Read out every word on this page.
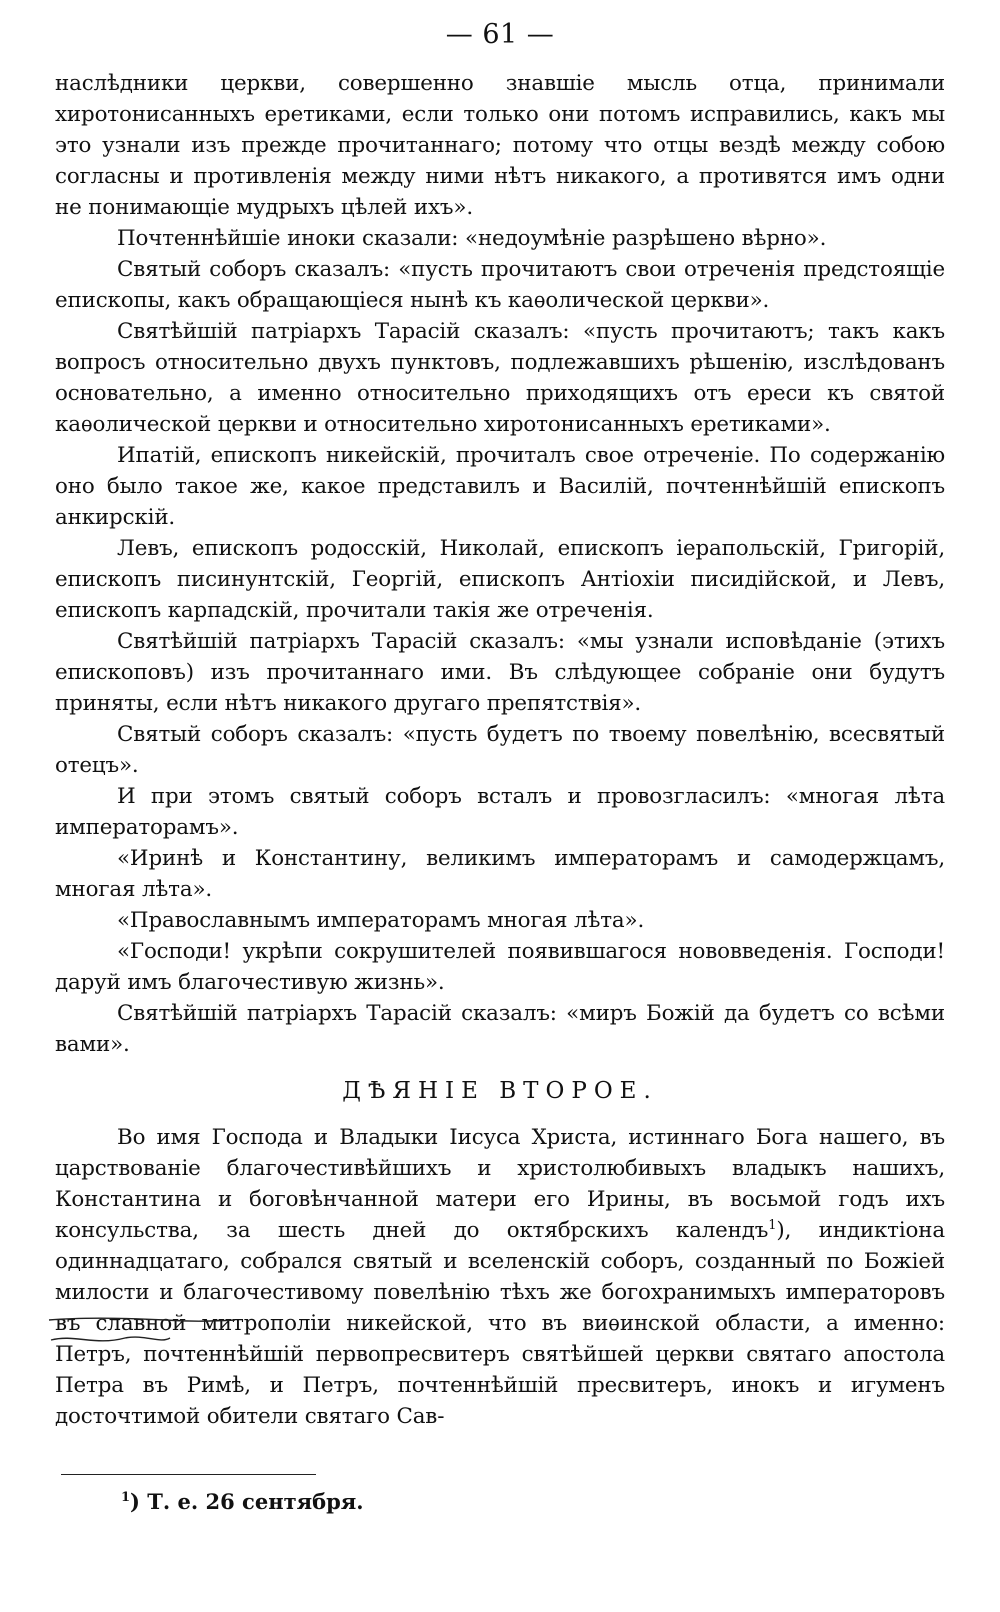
— 61 —

наслѣдники церкви, совершенно знавшіе мысль отца, принимали хиротонисанныхъ еретиками, если только они потомъ исправились, какъ мы это узнали изъ прежде прочитаннаго; потому что отцы вездѣ между собою согласны и противленія между ними нѣтъ никакого, а противятся имъ одни не понимающіе мудрыхъ цѣлей ихъ».

Почтеннѣйшіе иноки сказали: «недоумѣніе разрѣшено вѣрно».

Святый соборъ сказалъ: «пусть прочитаютъ свои отреченія предстоящіе епископы, какъ обращающіеся нынѣ къ каѳолической церкви».

Святѣйшій патріархъ Тарасій сказалъ: «пусть прочитаютъ; такъ какъ вопросъ относительно двухъ пунктовъ, подлежавшихъ рѣшенію, изслѣдованъ основательно, а именно относительно приходящихъ отъ ереси къ святой каѳолической церкви и относительно хиротонисанныхъ еретиками».

Ипатій, епископъ никейскій, прочиталъ свое отреченіе. По содержанію оно было такое же, какое представилъ и Василій, почтеннѣйшій епископъ анкирскій.

Левъ, епископъ родосскій, Николай, епископъ іерапольскій, Григорій, епископъ писинунтскій, Георгій, епископъ Антіохіи писидійской, и Левъ, епископъ карпадскій, прочитали такія же отреченія.

Святѣйшій патріархъ Тарасій сказалъ: «мы узнали исповѣданіе (этихъ епископовъ) изъ прочитаннаго ими. Въ слѣдующее собраніе они будутъ приняты, если нѣтъ никакого другаго препятствія».

Святый соборъ сказалъ: «пусть будетъ по твоему повелѣнію, всесвятый отецъ».

И при этомъ святый соборъ всталъ и провозгласилъ: «многая лѣта императорамъ».

«Иринѣ и Константину, великимъ императорамъ и самодержцамъ, многая лѣта».

«Православнымъ императорамъ многая лѣта».

«Господи! укрѣпи сокрушителей появившагося нововведенія. Господи! даруй имъ благочестивую жизнь».

Святѣйшій патріархъ Тарасій сказалъ: «миръ Божій да будетъ со всѣми вами».

ДѢЯНІЕ ВТОРОЕ.

Во имя Господа и Владыки Іисуса Христа, истиннаго Бога нашего, въ царствованіе благочестивѣйшихъ и христолюбивыхъ владыкъ нашихъ, Константина и боговѣнчанной матери его Ирины, въ восьмой годъ ихъ консульства, за шесть дней до октябрскихъ календъ$^1$), индиктіона одиннадцатаго, собрался святый и вселенскій соборъ, созданный по Божіей милости и благочестивому повелѣнію тѣхъ же богохранимыхъ императоровъ въ славной митрополіи никейской, что въ виѳинской области, а именно: Петръ, почтеннѣйшій первопресвитеръ святѣйшей церкви святаго апостола Петра въ Римѣ, и Петръ, почтеннѣйшій пресвитеръ, инокъ и игуменъ досточтимой обители святаго Сав-

$^1$) Т. е. 26 сентября.
